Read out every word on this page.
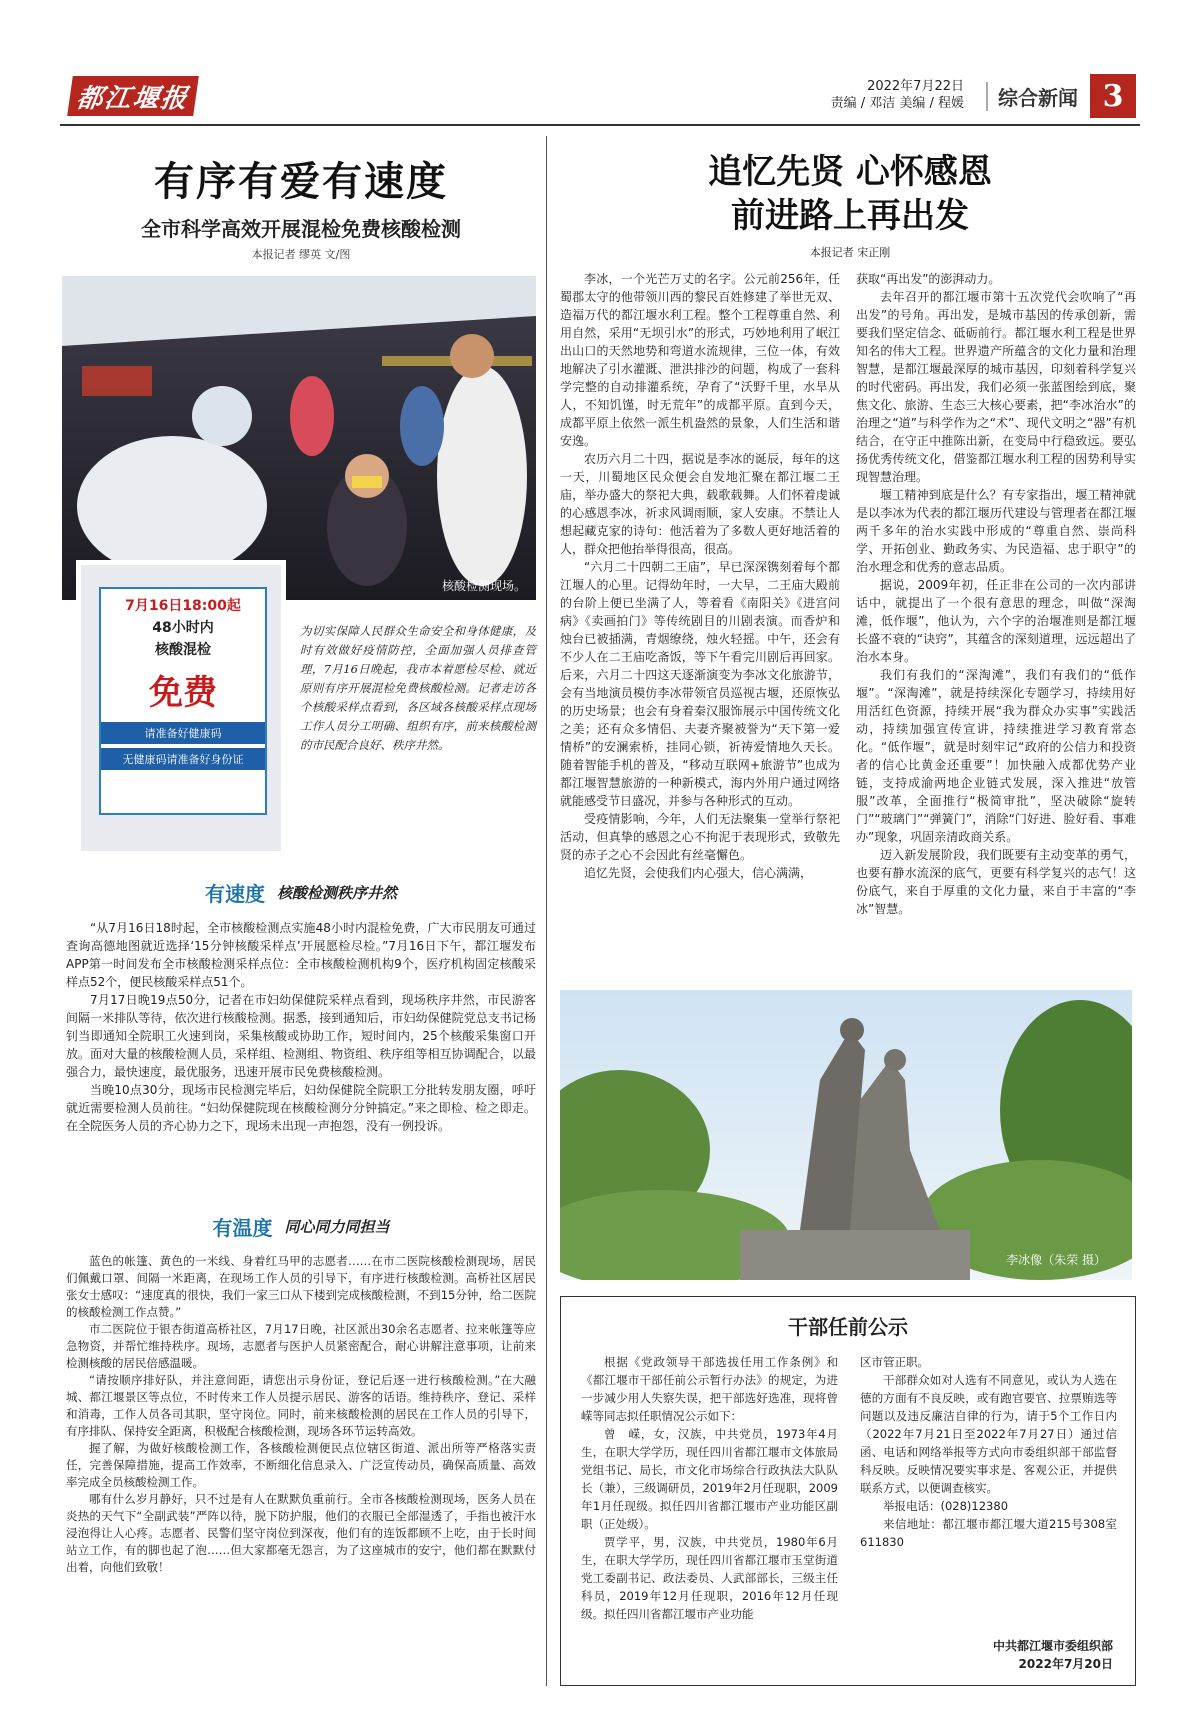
都江堰报	2022年7月22日
责编 / 邓洁 美编 / 程媛	综合新闻 3
有序有爱有速度
全市科学高效开展混检免费核酸检测
本报记者 缪英 文/图
核酸检测现场。
7月16日18:00起
48小时内
核酸混检
免费
请准备好健康码
无健康码请准备好身份证
为切实保障人民群众生命安全和身体健康，及时有效做好疫情防控，全面加强人员排查管理，7月16日晚起，我市本着愿检尽检、就近原则有序开展混检免费核酸检测。记者走访各个核酸采样点看到，各区域各核酸采样点现场工作人员分工明确、组织有序，前来核酸检测的市民配合良好、秩序井然。
有速度 核酸检测秩序井然

“从7月16日18时起，全市核酸检测点实施48小时内混检免费，广大市民朋友可通过查询高德地图就近选择‘15分钟核酸采样点’开展愿检尽检。”7月16日下午，都江堰发布APP第一时间发布全市核酸检测采样点位：全市核酸检测机构9个，医疗机构固定核酸采样点52个，便民核酸采样点51个。

7月17日晚19点50分，记者在市妇幼保健院采样点看到，现场秩序井然，市民游客间隔一米排队等待，依次进行核酸检测。据悉，接到通知后，市妇幼保健院党总支书记杨钊当即通知全院职工火速到岗，采集核酸或协助工作，短时间内，25个核酸采集窗口开放。面对大量的核酸检测人员，采样组、检测组、物资组、秩序组等相互协调配合，以最强合力，最快速度，最优服务，迅速开展市民免费核酸检测。

当晚10点30分，现场市民检测完毕后，妇幼保健院全院职工分批转发朋友圈，呼吁就近需要检测人员前往。“妇幼保健院现在核酸检测分分钟搞定。”来之即检、检之即走。在全院医务人员的齐心协力之下，现场未出现一声抱怨，没有一例投诉。

有温度 同心同力同担当

蓝色的帐篷、黄色的一米线、身着红马甲的志愿者……在市二医院核酸检测现场，居民们佩戴口罩、间隔一米距离，在现场工作人员的引导下，有序进行核酸检测。高桥社区居民张女士感叹：“速度真的很快，我们一家三口从下楼到完成核酸检测，不到15分钟，给二医院的核酸检测工作点赞。”

市二医院位于银杏街道高桥社区，7月17日晚，社区派出30余名志愿者、拉来帐篷等应急物资，并帮忙维持秩序。现场，志愿者与医护人员紧密配合，耐心讲解注意事项，让前来检测核酸的居民倍感温暖。

“请按顺序排好队，并注意间距，请您出示身份证，登记后逐一进行核酸检测。”在大融城、都江堰景区等点位，不时传来工作人员提示居民、游客的话语。维持秩序、登记、采样和消毒，工作人员各司其职，坚守岗位。同时，前来核酸检测的居民在工作人员的引导下，有序排队、保持安全距离，积极配合核酸检测，现场各环节运转高效。

握了解，为做好核酸检测工作，各核酸检测便民点位辖区街道、派出所等严格落实责任，完善保障措施，提高工作效率，不断细化信息录入、广泛宣传动员，确保高质量、高效率完成全员核酸检测工作。

哪有什么岁月静好，只不过是有人在默默负重前行。全市各核酸检测现场，医务人员在炎热的天气下“全副武装”严阵以待，脱下防护服，他们的衣服已全部湿透了，手指也被汗水浸泡得让人心疼。志愿者、民警们坚守岗位到深夜，他们有的连饭都顾不上吃，由于长时间站立工作，有的脚也起了泡……但大家都毫无怨言，为了这座城市的安宁，他们都在默默付出着，向他们致敬！

追忆先贤 心怀感恩
前进路上再出发
本报记者 宋正刚

李冰，一个光芒万丈的名字。公元前256年，任蜀郡太守的他带领川西的黎民百姓修建了举世无双、造福万代的都江堰水利工程。整个工程尊重自然、利用自然，采用“无坝引水”的形式，巧妙地利用了岷江出山口的天然地势和弯道水流规律，三位一体，有效地解决了引水灌溉、泄洪排沙的问题，构成了一套科学完整的自动排灌系统，孕育了“沃野千里，水旱从人，不知饥馑，时无荒年”的成都平原。直到今天，成都平原上依然一派生机盎然的景象，人们生活和谐安逸。

农历六月二十四，据说是李冰的诞辰，每年的这一天，川蜀地区民众便会自发地汇聚在都江堰二王庙，举办盛大的祭祀大典，载歌载舞。人们怀着虔诚的心感恩李冰，祈求风调雨顺，家人安康。不禁让人想起藏克家的诗句：他活着为了多数人更好地活着的人，群众把他抬举得很高，很高。

“六月二十四朝二王庙”，早已深深镌刻着每个都江堰人的心里。记得幼年时，一大早，二王庙大殿前的台阶上便已坐满了人，等着看《南阳关》《进宫问病》《卖画拍门》等传统剧目的川剧表演。而香炉和烛台已被插满，青烟缭绕，烛火轻摇。中午，还会有不少人在二王庙吃斋饭，等下午看完川剧后再回家。后来，六月二十四这天逐渐演变为李冰文化旅游节，会有当地演员模仿李冰带领官员巡视古堰，还原恢弘的历史场景；也会有身着秦汉服饰展示中国传统文化之美；还有众多情侣、夫妻齐聚被誉为“天下第一爱情桥”的安澜索桥，挂同心锁，祈祷爱情地久天长。随着智能手机的普及，“移动互联网+旅游节”也成为都江堰智慧旅游的一种新模式，海内外用户通过网络就能感受节日盛况，并参与各种形式的互动。

受疫情影响，今年，人们无法聚集一堂举行祭祀活动，但真挚的感恩之心不拘泥于表现形式，致敬先贤的赤子之心不会因此有丝毫懈色。

追忆先贤，会使我们内心强大，信心满满，

获取“再出发”的澎湃动力。

去年召开的都江堰市第十五次党代会吹响了“再出发”的号角。再出发，是城市基因的传承创新，需要我们坚定信念、砥砺前行。都江堰水利工程是世界知名的伟大工程。世界遗产所蕴含的文化力量和治理智慧，是都江堰最深厚的城市基因，印刻着科学复兴的时代密码。再出发，我们必须一张蓝图绘到底，聚焦文化、旅游、生态三大核心要素，把“李冰治水”的治理之“道”与科学作为之“术”、现代文明之“器”有机结合，在守正中推陈出新，在变局中行稳致远。要弘扬优秀传统文化，借鉴都江堰水利工程的因势利导实现智慧治理。

堰工精神到底是什么？有专家指出，堰工精神就是以李冰为代表的都江堰历代建设与管理者在都江堰两千多年的治水实践中形成的“尊重自然、崇尚科学、开拓创业、勤政务实、为民造福、忠于职守”的治水理念和优秀的意志品质。

据说，2009年初，任正非在公司的一次内部讲话中，就提出了一个很有意思的理念，叫做“深淘滩，低作堰”，他认为，六个字的治堰准则是都江堰长盛不衰的“诀窍”，其蕴含的深刻道理，远远超出了治水本身。

我们有我们的“深淘滩”，我们有我们的“低作堰”。“深淘滩”，就是持续深化专题学习，持续用好用活红色资源，持续开展“我为群众办实事”实践活动，持续加强宣传宣讲，持续推进学习教育常态化。“低作堰”，就是时刻牢记“政府的公信力和投资者的信心比黄金还重要”！加快融入成都优势产业链，支持成渝两地企业链式发展，深入推进“放管服”改革，全面推行“极简审批”，坚决破除“旋转门”“玻璃门”“弹簧门”，消除“门好进、脸好看、事难办”现象，巩固亲清政商关系。

迈入新发展阶段，我们既要有主动变革的勇气，也要有静水流深的底气，更要有科学复兴的志气！这份底气，来自于厚重的文化力量，来自于丰富的“李冰”智慧。

李冰像（朱荣 摄）
干部任前公示

根据《党政领导干部选拔任用工作条例》和《都江堰市干部任前公示暂行办法》的规定，为进一步减少用人失察失误，把干部选好选准，现将曾嵘等同志拟任职情况公示如下：

曾　嵘，女，汉族，中共党员，1973年4月生，在职大学学历，现任四川省都江堰市文体旅局党组书记、局长，市文化市场综合行政执法大队队长（兼），三级调研员，2019年2月任现职，2009年1月任现级。拟任四川省都江堰市产业功能区副职（正处级）。

贾学平，男，汉族，中共党员，1980年6月生，在职大学学历，现任四川省都江堰市玉堂街道党工委副书记、政法委员、人武部部长，三级主任科员，2019年12月任现职，2016年12月任现级。拟任四川省都江堰市产业功能

区市管正职。

干部群众如对人选有不同意见，或认为人选在德的方面有不良反映，或有跑官要官、拉票贿选等问题以及违反廉洁自律的行为，请于5个工作日内（2022年7月21日至2022年7月27日）通过信函、电话和网络举报等方式向市委组织部干部监督科反映。反映情况要实事求是、客观公正，并提供联系方式，以便调查核实。

举报电话：(028)12380

来信地址：都江堰市都江堰大道215号308室 611830

中共都江堰市委组织部
2022年7月20日
